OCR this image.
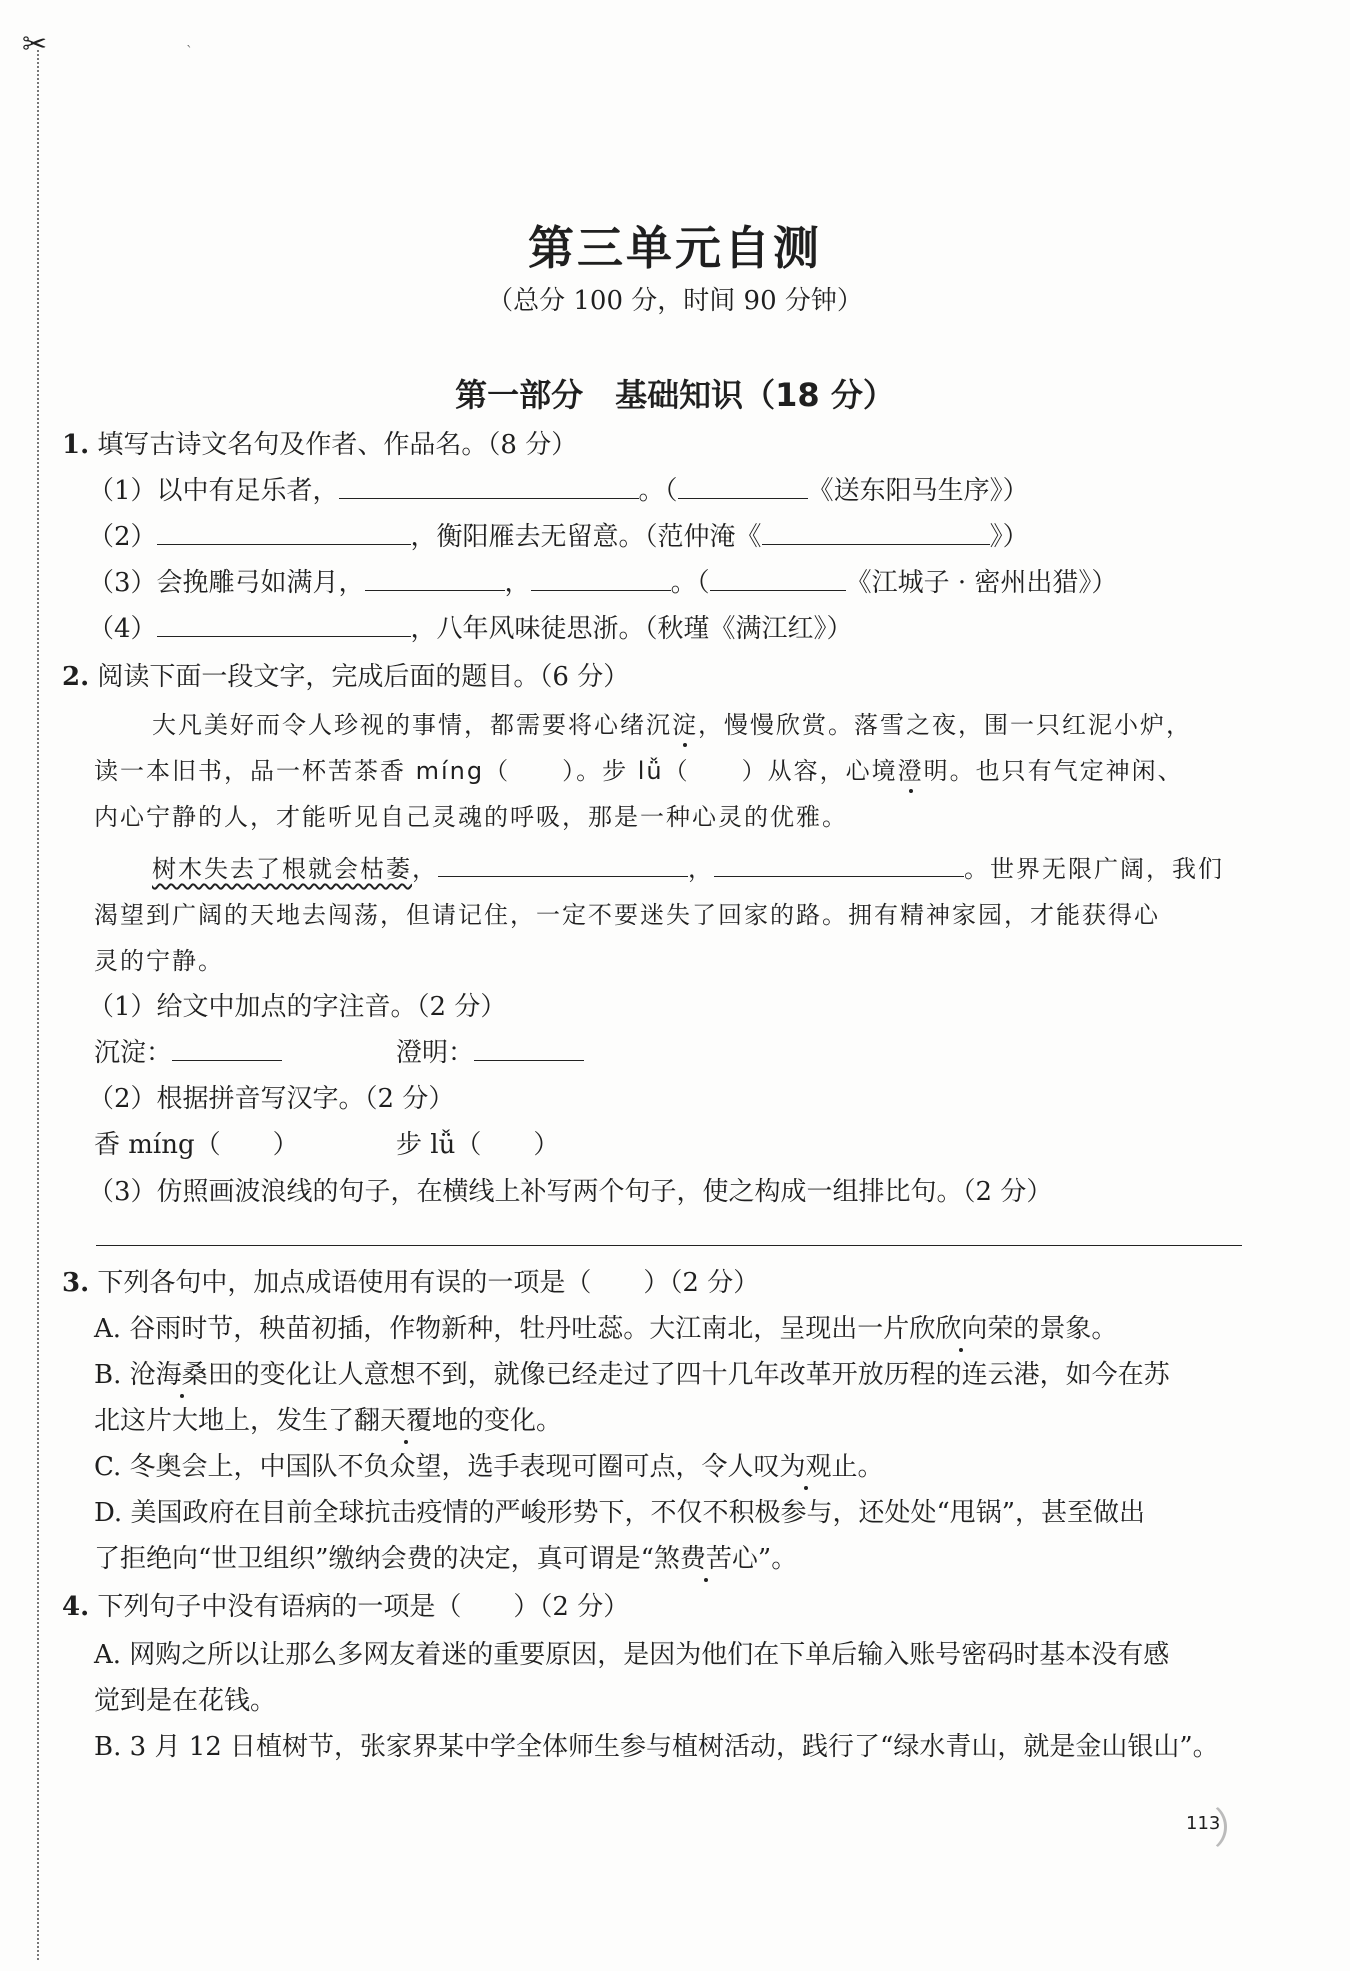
✂	ˋ
第三单元自测
（总分 100 分，时间 90 分钟）
第一部分　基础知识（18 分）
1. 填写古诗文名句及作者、作品名。（8 分）
（1）以中有足乐者，	。（	《送东阳马生序》）
（2）	，衡阳雁去无留意。（范仲淹《	》）
（3）会挽雕弓如满月，	，	。（	《江城子 · 密州出猎》）
（4）	，八年风味徒思浙。（秋瑾《满江红》）
2. 阅读下面一段文字，完成后面的题目。（6 分）
大凡美好而令人珍视的事情，都需要将心绪沉淀，慢慢欣赏。落雪之夜，围一只红泥小炉，
读一本旧书，品一杯苦茶香 míng（　　）。步 lǚ（　　）从容，心境澄明。也只有气定神闲、
内心宁静的人，才能听见自己灵魂的呼吸，那是一种心灵的优雅。
树木失去了根就会枯萎，	，	。世界无限广阔，我们
渴望到广阔的天地去闯荡，但请记住，一定不要迷失了回家的路。拥有精神家园，才能获得心
灵的宁静。
（1）给文中加点的字注音。（2 分）
沉淀：	澄明：
（2）根据拼音写汉字。（2 分）
香 míng（　　）	步 lǚ（　　）
（3）仿照画波浪线的句子，在横线上补写两个句子，使之构成一组排比句。（2 分）
3. 下列各句中，加点成语使用有误的一项是（　　）（2 分）
A. 谷雨时节，秧苗初插，作物新种，牡丹吐蕊。大江南北，呈现出一片欣欣向荣的景象。
B. 沧海桑田的变化让人意想不到，就像已经走过了四十几年改革开放历程的连云港，如今在苏
北这片大地上，发生了翻天覆地的变化。
C. 冬奥会上，中国队不负众望，选手表现可圈可点，令人叹为观止。
D. 美国政府在目前全球抗击疫情的严峻形势下，不仅不积极参与，还处处“甩锅”，甚至做出
了拒绝向“世卫组织”缴纳会费的决定，真可谓是“煞费苦心”。
4. 下列句子中没有语病的一项是（　　）（2 分）
A. 网购之所以让那么多网友着迷的重要原因，是因为他们在下单后输入账号密码时基本没有感
觉到是在花钱。
B. 3 月 12 日植树节，张家界某中学全体师生参与植树活动，践行了“绿水青山，就是金山银山”。
113
